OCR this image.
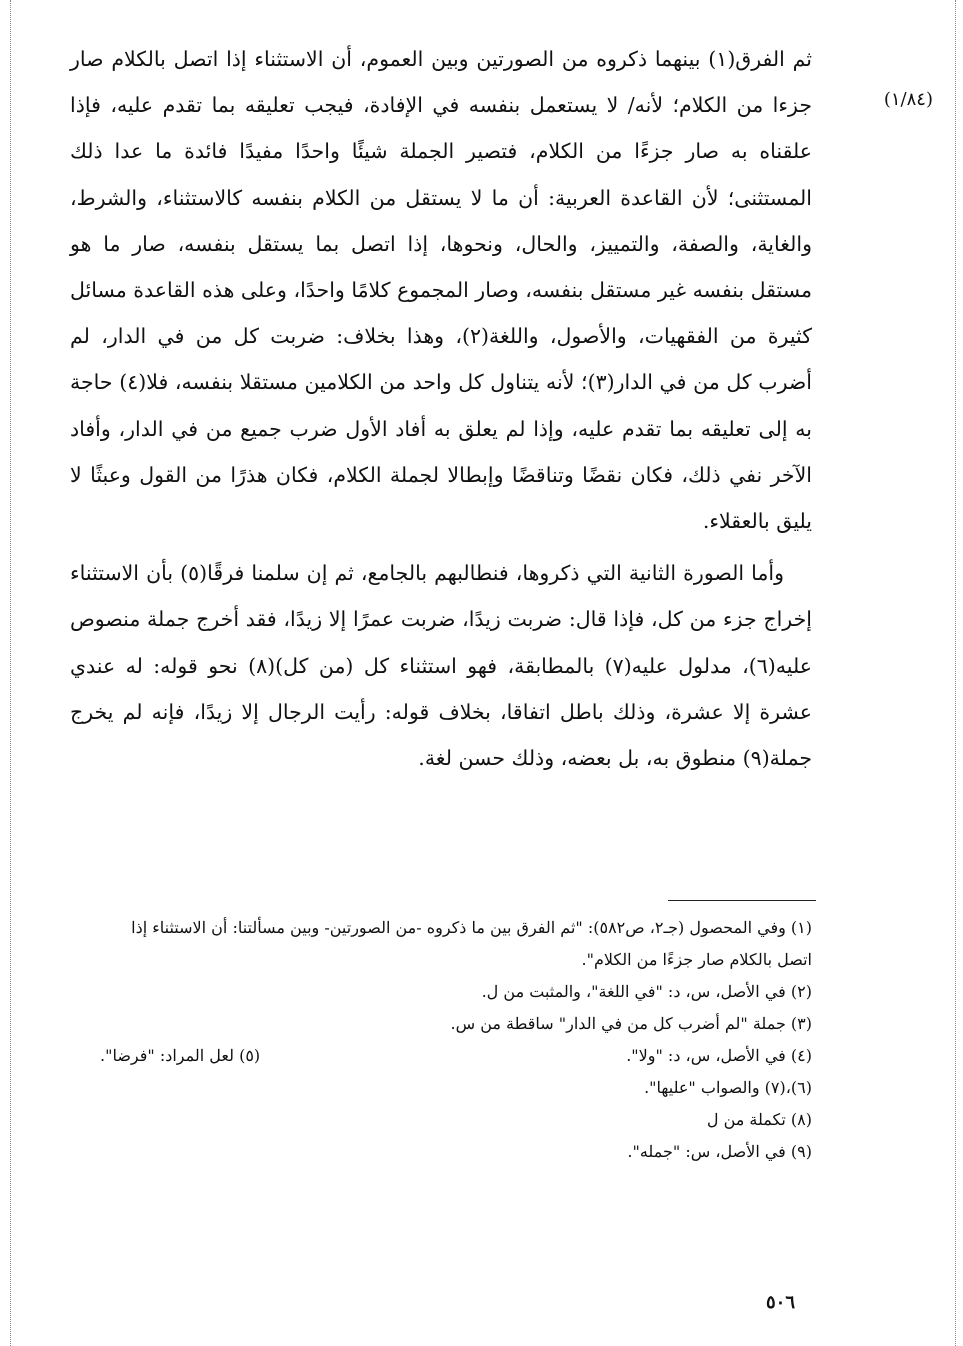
(١/٨٤)

ثم الفرق(١) بينهما ذكروه من الصورتين وبين العموم، أن الاستثناء إذا اتصل بالكلام صار جزءا من الكلام؛ لأنه/ لا يستعمل بنفسه في الإفادة، فيجب تعليقه بما تقدم عليه، فإذا علقناه به صار جزءًا من الكلام، فتصير الجملة شيئًا واحدًا مفيدًا فائدة ما عدا ذلك المستثنى؛ لأن القاعدة العربية: أن ما لا يستقل من الكلام بنفسه كالاستثناء، والشرط، والغاية، والصفة، والتمييز، والحال، ونحوها، إذا اتصل بما يستقل بنفسه، صار ما هو مستقل بنفسه غير مستقل بنفسه، وصار المجموع كلامًا واحدًا، وعلى هذه القاعدة مسائل كثيرة من الفقهيات، والأصول، واللغة(٢)، وهذا بخلاف: ضربت كل من في الدار، لم أضرب كل من في الدار(٣)؛ لأنه يتناول كل واحد من الكلامين مستقلا بنفسه، فلا(٤) حاجة به إلى تعليقه بما تقدم عليه، وإذا لم يعلق به أفاد الأول ضرب جميع من في الدار، وأفاد الآخر نفي ذلك، فكان نقضًا وتناقضًا وإبطالا لجملة الكلام، فكان هذرًا من القول وعبثًا لا يليق بالعقلاء.

وأما الصورة الثانية التي ذكروها، فنطالبهم بالجامع، ثم إن سلمنا فرقًا(٥) بأن الاستثناء إخراج جزء من كل، فإذا قال: ضربت زيدًا، ضربت عمرًا إلا زيدًا، فقد أخرج جملة منصوص عليه(٦)، مدلول عليه(٧) بالمطابقة، فهو استثناء كل (من كل)(٨) نحو قوله: له عندي عشرة إلا عشرة، وذلك باطل اتفاقا، بخلاف قوله: رأيت الرجال إلا زيدًا، فإنه لم يخرج جملة(٩) منطوق به، بل بعضه، وذلك حسن لغة.

(١) وفي المحصول (جـ٢، ص٥٨٢): "ثم الفرق بين ما ذكروه -من الصورتين- وبين مسألتنا: أن الاستثناء إذا اتصل بالكلام صار جزءًا من الكلام".

(٢) في الأصل، س، د: "في اللغة"، والمثبت من ل.

(٣) جملة "لم أضرب كل من في الدار" ساقطة من س.

(٤) في الأصل، س، د: "ولا".
(٥) لعل المراد: "فرضا".

(٦)،(٧) والصواب "عليها".

(٨) تكملة من ل

(٩) في الأصل، س: "جمله".

٥٠٦
